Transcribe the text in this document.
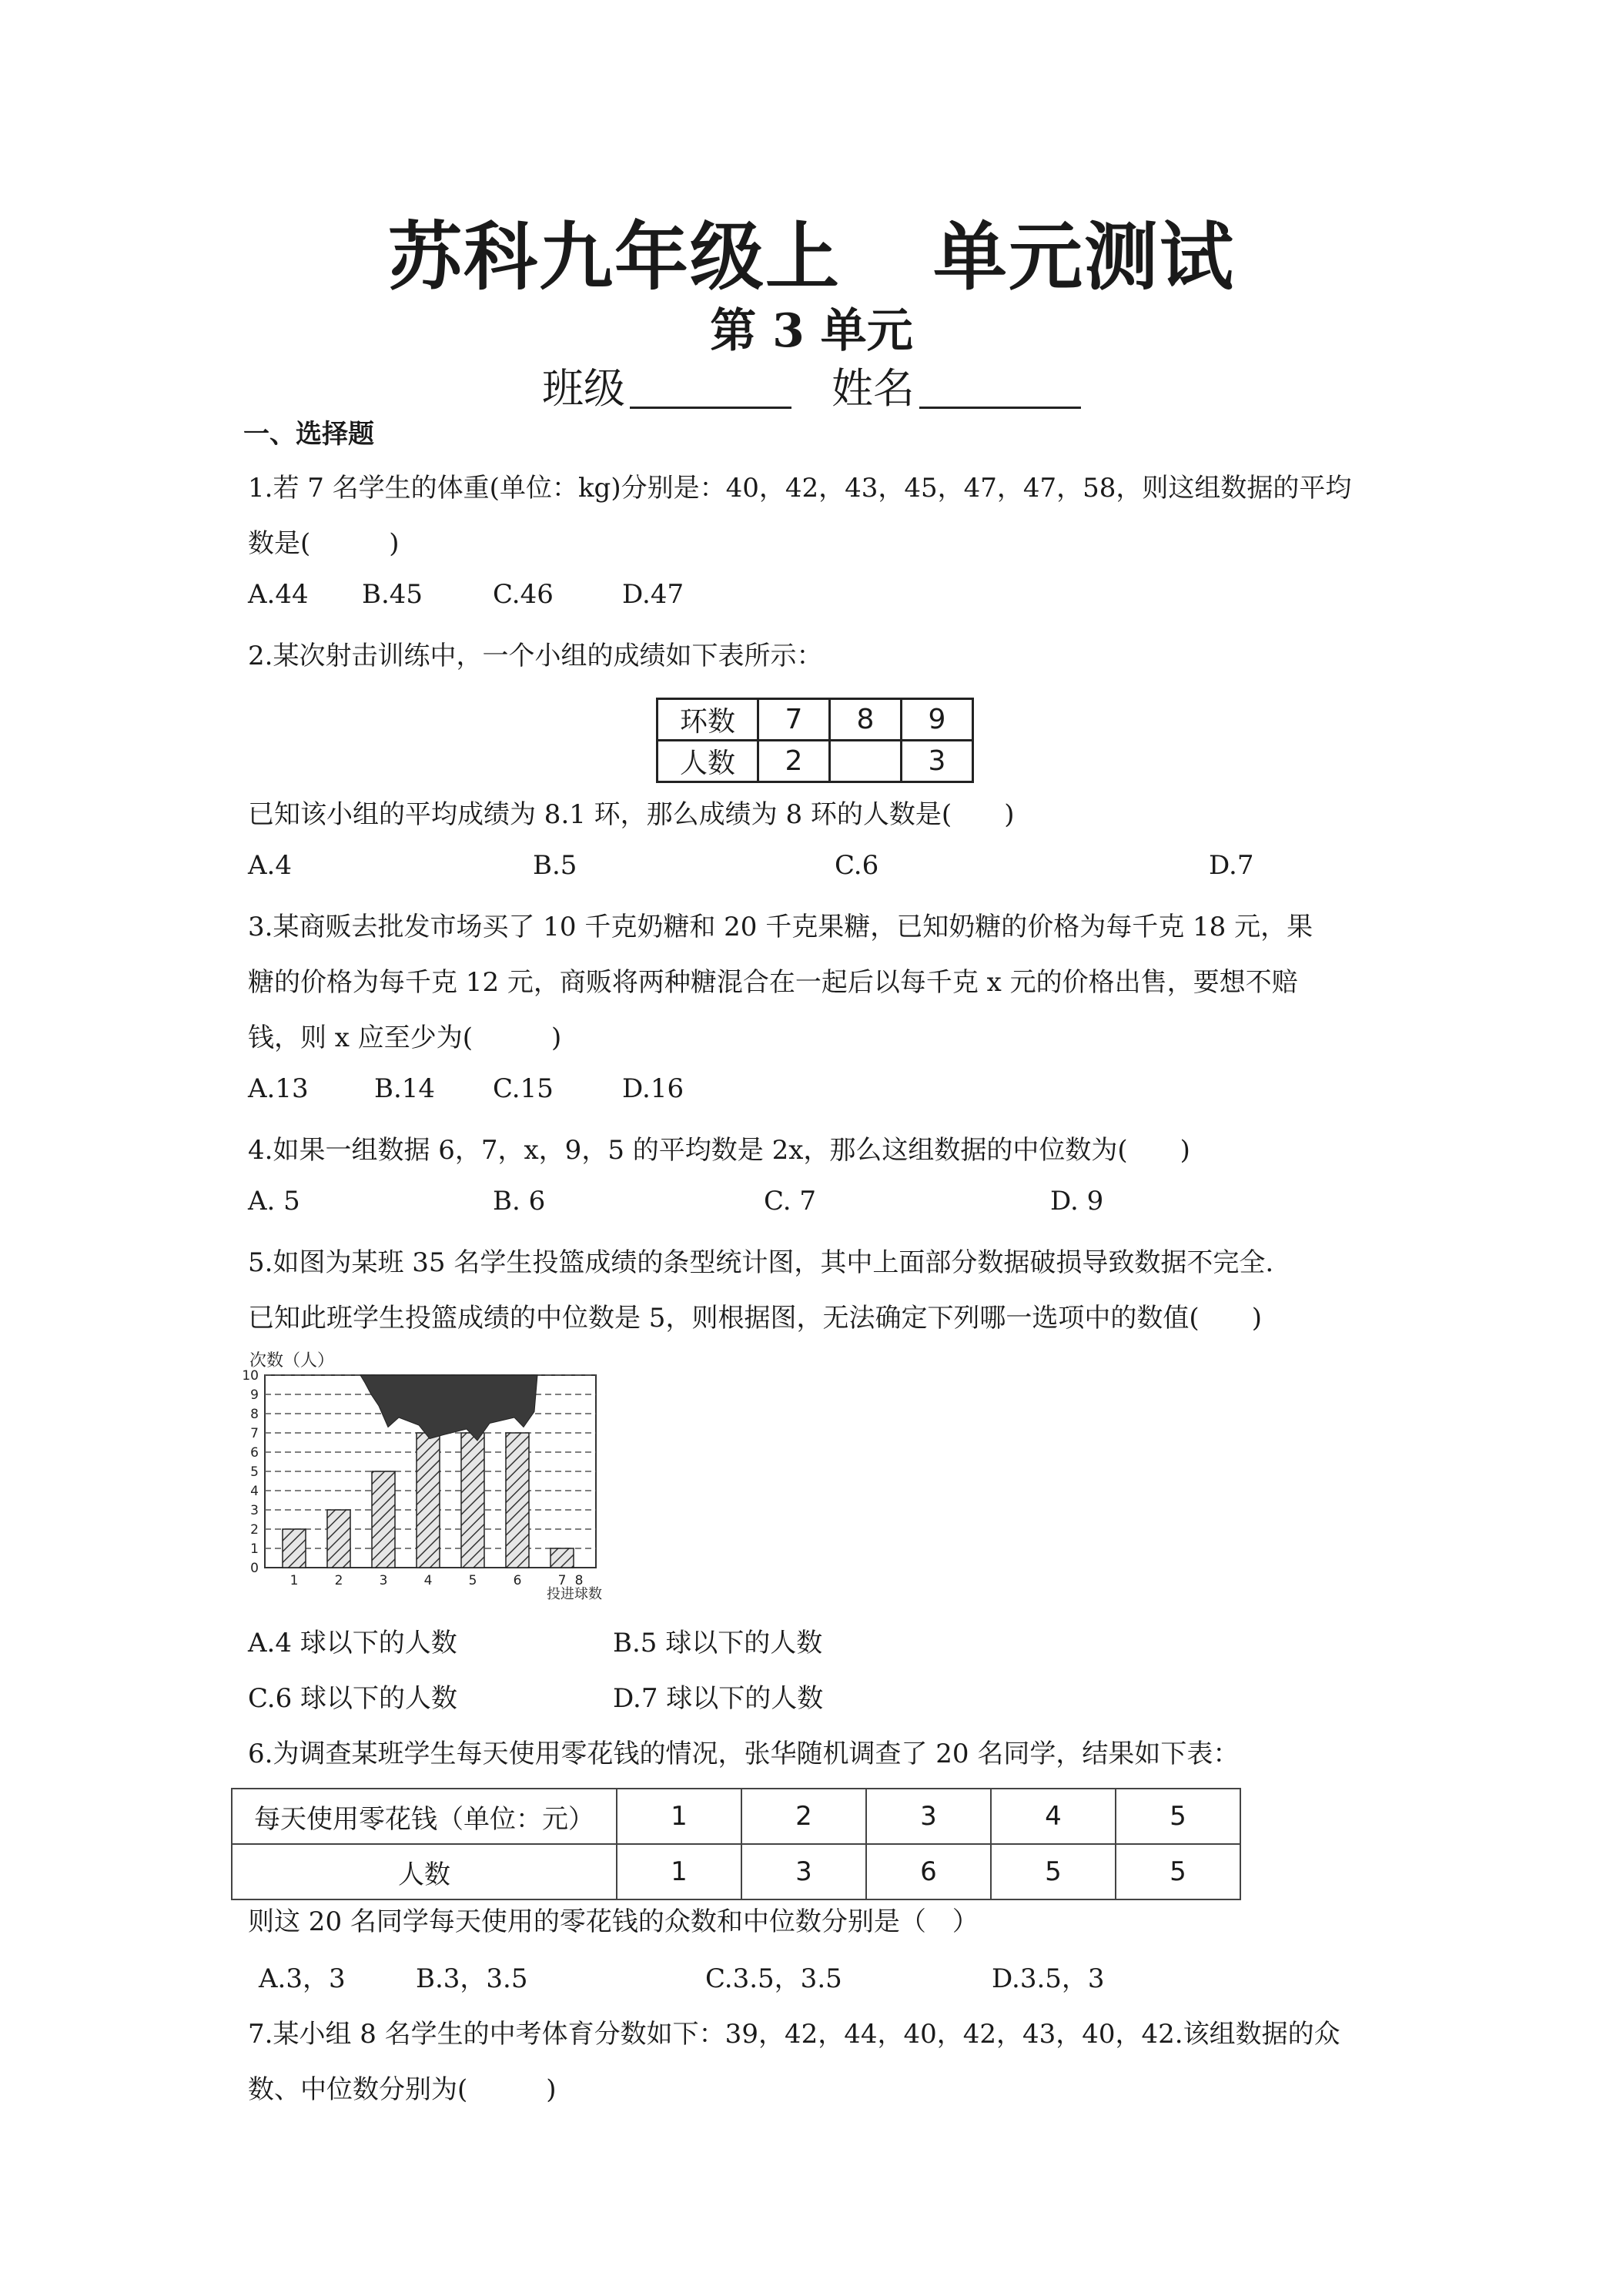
苏科九年级上 单元测试
第 3 单元
班级	姓名
一、选择题
1.若 7 名学生的体重(单位：kg)分别是：40，42，43，45，47，47，58，则这组数据的平均
数是(　　　)
A.44 B.45	C.46	D.47
2.某次射击训练中，一个小组的成绩如下表所示：
环数	7	8	9
人数	2		3
已知该小组的平均成绩为 8.1 环，那么成绩为 8 环的人数是(　　)
A.4	B.5	C.6	D.7
3.某商贩去批发市场买了 10 千克奶糖和 20 千克果糖，已知奶糖的价格为每千克 18 元，果
糖的价格为每千克 12 元，商贩将两种糖混合在一起后以每千克 x 元的价格出售，要想不赔
钱，则 x 应至少为(　　　)
A.13	B.14 C.15	D.16
4.如果一组数据 6，7，x，9，5 的平均数是 2x，那么这组数据的中位数为(　　)
A. 5	B. 6	C. 7	D. 9
5.如图为某班 35 名学生投篮成绩的条型统计图，其中上面部分数据破损导致数据不完全.
已知此班学生投篮成绩的中位数是 5，则根据图，无法确定下列哪一选项中的数值(　　)
次数（人）
0
1
2
3
4
5
6
7
8
9
10
1	2	3	4	5	6	7 8
投进球数
A.4 球以下的人数	B.5 球以下的人数
C.6 球以下的人数	D.7 球以下的人数
6.为调查某班学生每天使用零花钱的情况，张华随机调查了 20 名同学，结果如下表：
每天使用零花钱（单位：元）	1	2	3	4	5
人数	1	3	6	5	5
则这 20 名同学每天使用的零花钱的众数和中位数分别是（　）
A.3，3	B.3，3.5	C.3.5，3.5	D.3.5，3
7.某小组 8 名学生的中考体育分数如下：39，42，44，40，42，43，40，42.该组数据的众
数、中位数分别为(　　　)
